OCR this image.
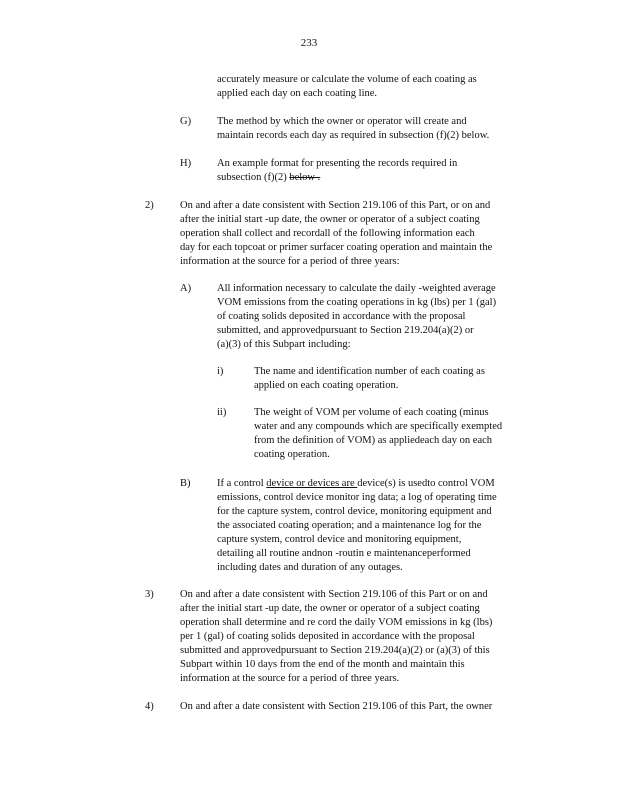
233
accurately measure or calculate the volume of each coating as
applied each day on each coating line.
G) The method by which the owner or operator will create and
maintain records each day as required in subsection (f)(2) below.
H) An example format for presenting the records required in
subsection (f)(2) below .
2)	On and after a date consistent with Section 219.106 of this Part, or on and
after the initial start -up date, the owner or operator of a subject coating
operation shall collect and recordall of the following information each
day for each topcoat or primer surfacer coating operation and maintain the
information at the source for a period of three years:
A) All information necessary to calculate the daily -weighted average
VOM emissions from the coating operations in kg (lbs) per 1 (gal)
of coating solids deposited in accordance with the proposal
submitted, and approvedpursuant to Section 219.204(a)(2) or
(a)(3) of this Subpart including:
i)	The name and identification number of each coating as
applied on each coating operation.
ii)	The weight of VOM per volume of each coating (minus
water and any compounds which are specifically exempted
from the definition of VOM) as appliedeach day on each
coating operation.
B)	If a control device or devices are device(s) is usedto control VOM
emissions, control device monitor ing data; a log of operating time
for the capture system, control device, monitoring equipment and
the associated coating operation; and a maintenance log for the
capture system, control device and monitoring equipment,
detailing all routine andnon -routin e maintenanceperformed
including dates and duration of any outages.
3)	On and after a date consistent with Section 219.106 of this Part or on and
after the initial start -up date, the owner or operator of a subject coating
operation shall determine and re cord the daily VOM emissions in kg (lbs)
per 1 (gal) of coating solids deposited in accordance with the proposal
submitted and approvedpursuant to Section 219.204(a)(2) or (a)(3) of this
Subpart within 10 days from the end of the month and maintain this
information at the source for a period of three years.
4)	On and after a date consistent with Section 219.106 of this Part, the owner
